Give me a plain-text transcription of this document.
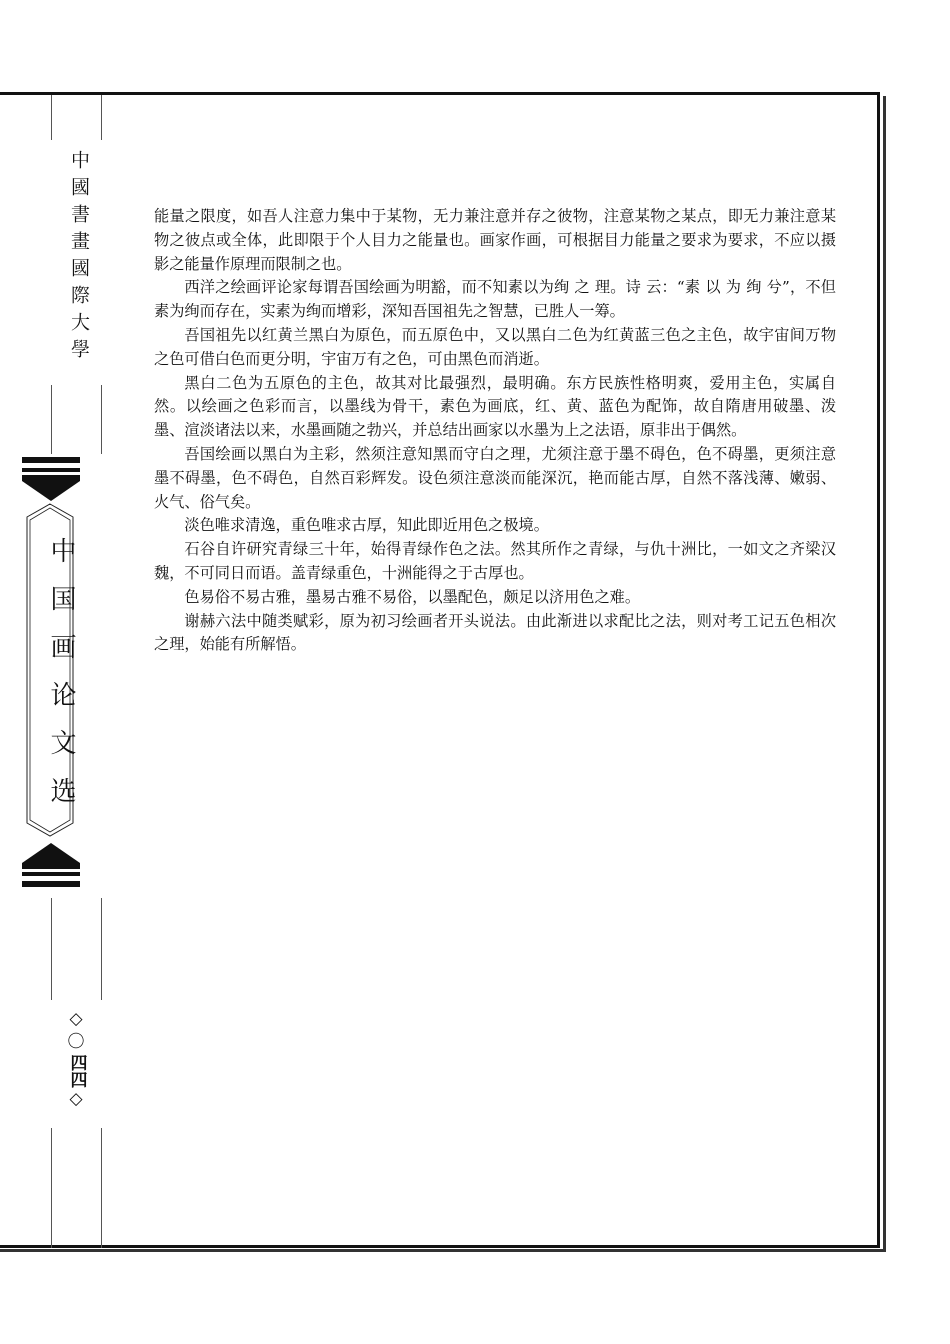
中國書畫國際大學
中国画论文选
◇
〇
四四
◇

能量之限度，如吾人注意力集中于某物，无力兼注意并存之彼物，注意某物之某点，即无力兼注意某物之彼点或全体，此即限于个人目力之能量也。画家作画，可根据目力能量之要求为要求，不应以摄影之能量作原理而限制之也。

西洋之绘画评论家每谓吾国绘画为明豁，而不知素以为绚 之 理。诗 云：“素 以 为 绚 兮”，不但素为绚而存在，实素为绚而增彩，深知吾国祖先之智慧，已胜人一筹。

吾国祖先以红黄兰黑白为原色，而五原色中，又以黑白二色为红黄蓝三色之主色，故宇宙间万物之色可借白色而更分明，宇宙万有之色，可由黑色而消逝。

黑白二色为五原色的主色，故其对比最强烈，最明确。东方民族性格明爽，爱用主色，实属自然。以绘画之色彩而言，以墨线为骨干，素色为画底，红、黄、蓝色为配饰，故自隋唐用破墨、泼墨、渲淡诸法以来，水墨画随之勃兴，并总结出画家以水墨为上之法语，原非出于偶然。

吾国绘画以黑白为主彩，然须注意知黑而守白之理，尤须注意于墨不碍色，色不碍墨，更须注意墨不碍墨，色不碍色，自然百彩辉发。设色须注意淡而能深沉，艳而能古厚，自然不落浅薄、嫩弱、火气、俗气矣。

淡色唯求清逸，重色唯求古厚，知此即近用色之极境。

石谷自许研究青绿三十年，始得青绿作色之法。然其所作之青绿，与仇十洲比，一如文之齐梁汉魏，不可同日而语。盖青绿重色，十洲能得之于古厚也。

色易俗不易古雅，墨易古雅不易俗，以墨配色，颇足以济用色之难。

谢赫六法中随类赋彩，原为初习绘画者开头说法。由此渐进以求配比之法，则对考工记五色相次之理，始能有所解悟。
